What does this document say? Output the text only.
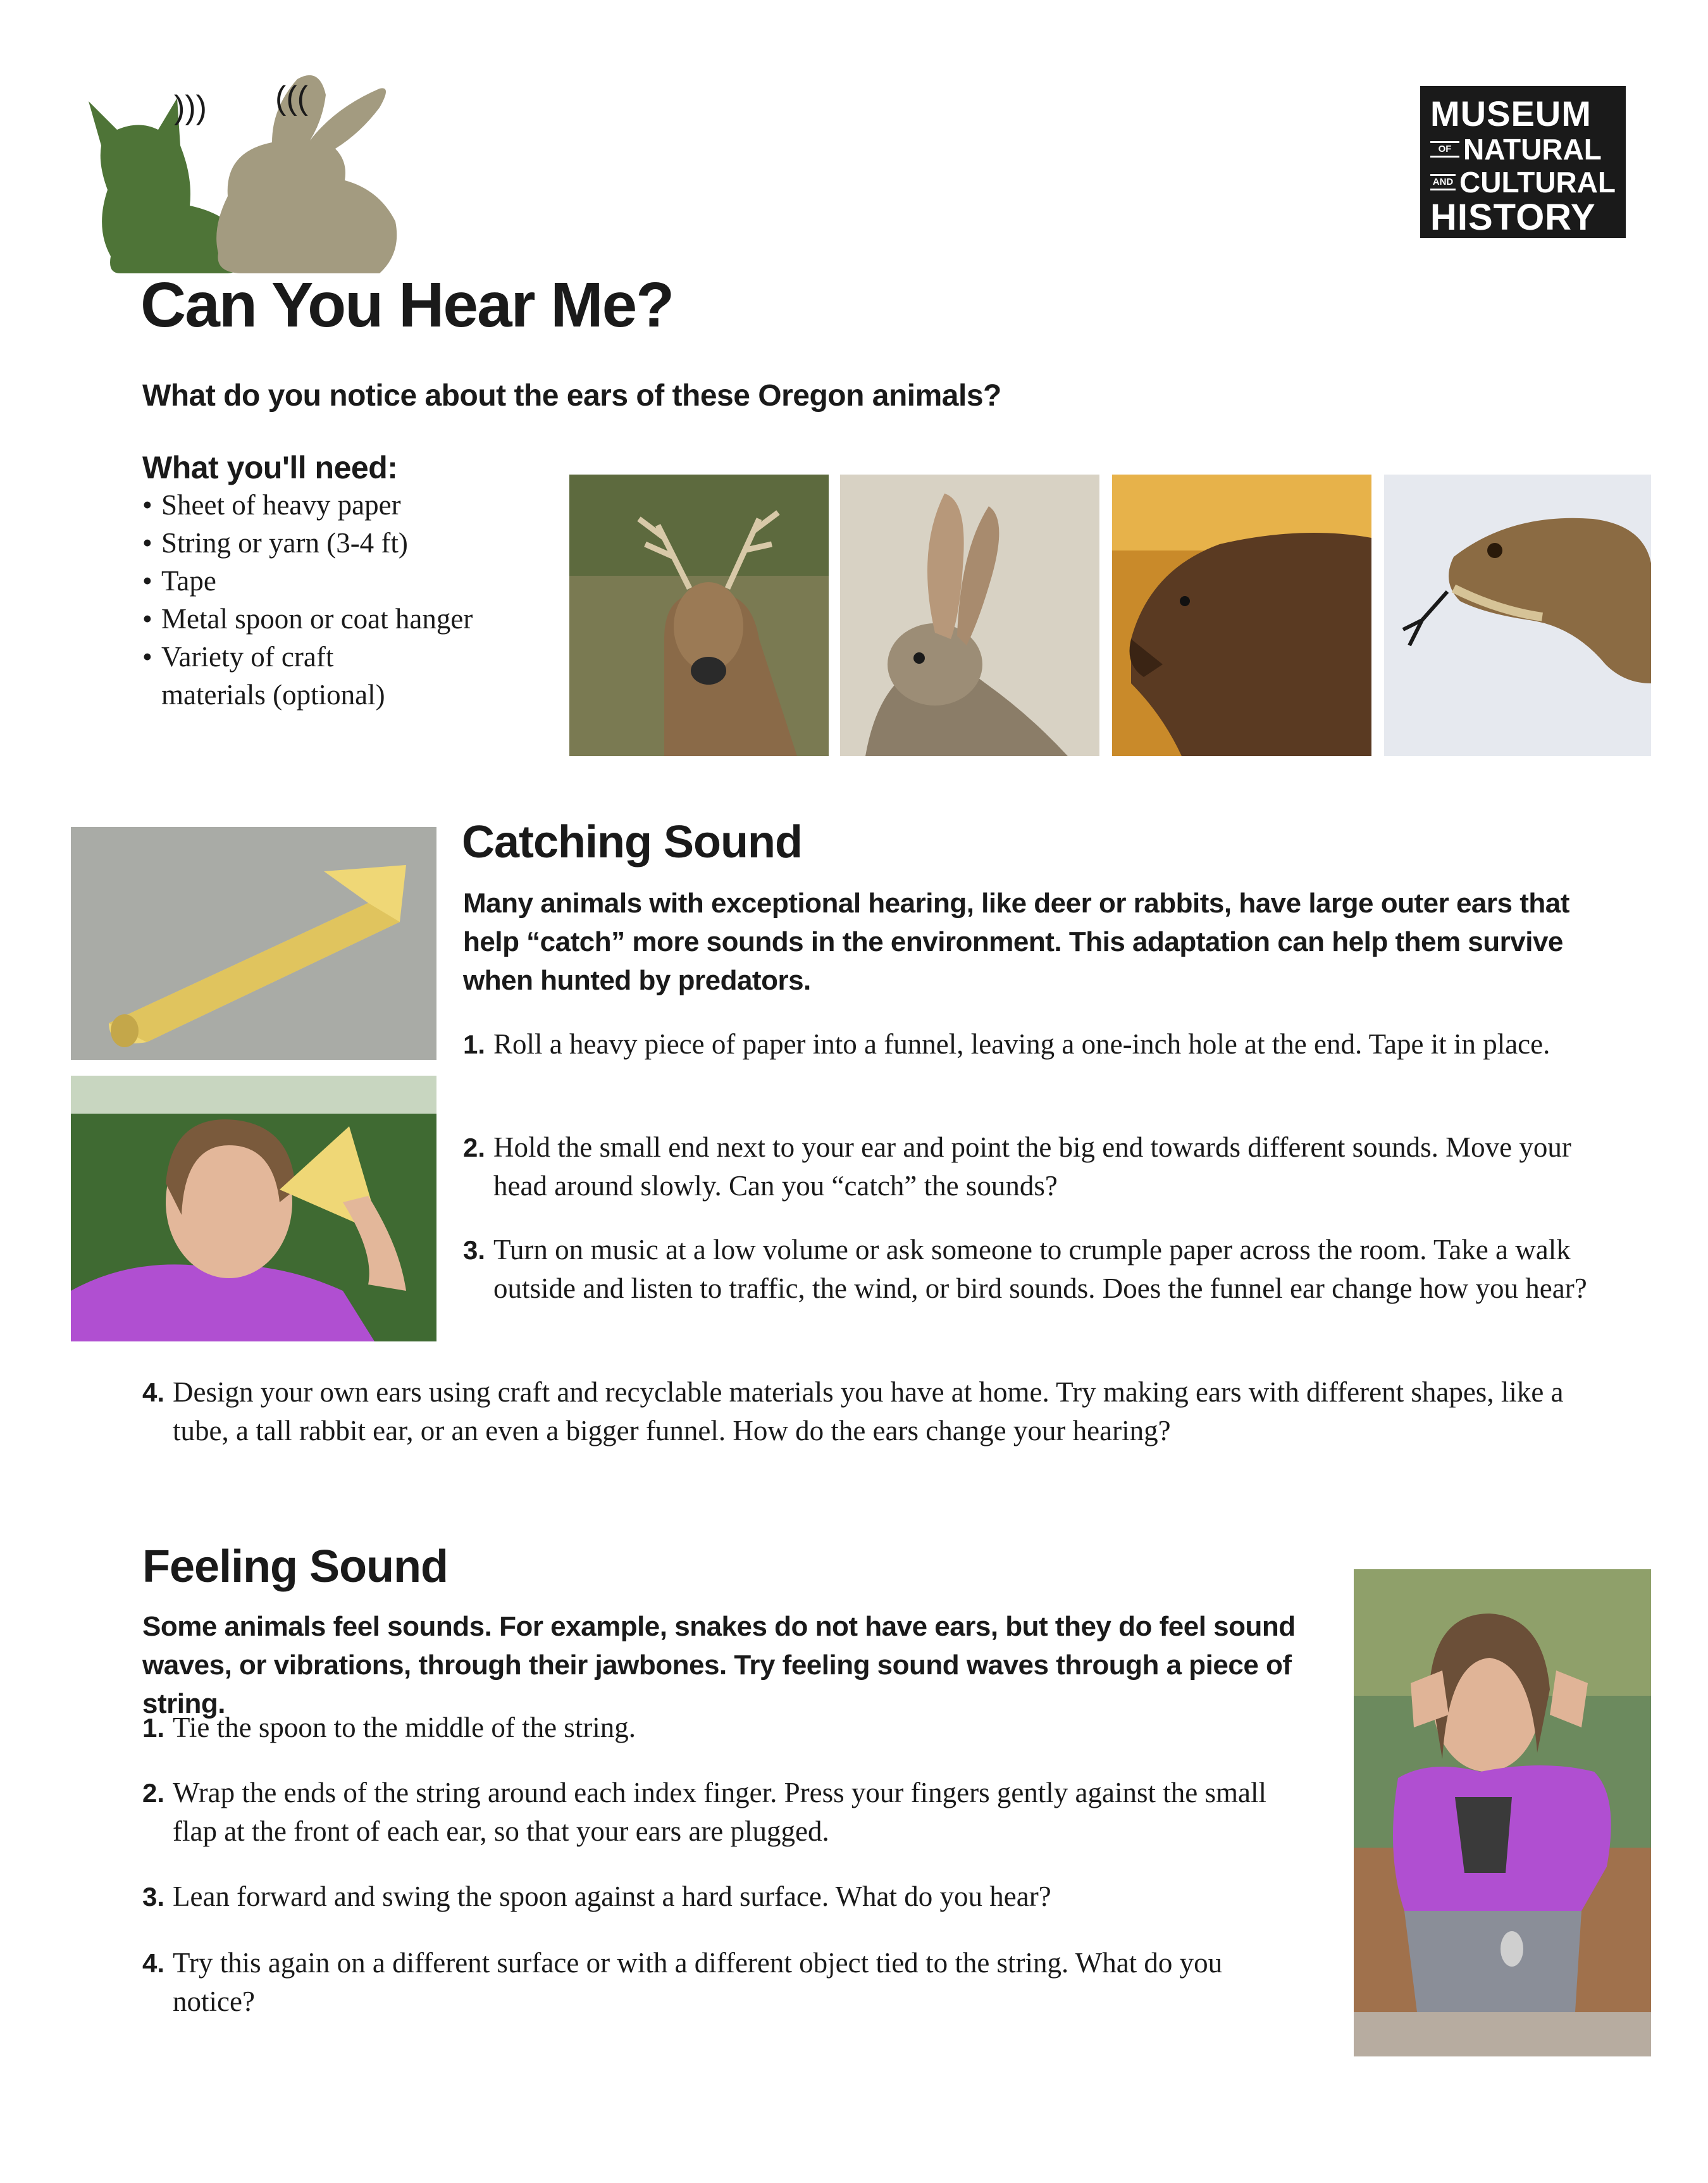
))) (((	MUSEUM
OF NATURAL
AND CULTURAL
HISTORY
Can You Hear Me?
What do you notice about the ears of these Oregon animals?
What you'll need:
• Sheet of heavy paper
• String or yarn (3-4 ft)
• Tape
• Metal spoon or coat hanger
• Variety of craft materials (optional)
Catching Sound
Many animals with exceptional hearing, like deer or rabbits, have large outer ears that help “catch” more sounds in the environment. This adaptation can help them survive when hunted by predators.
1. Roll a heavy piece of paper into a funnel, leaving a one-inch hole at the end. Tape it in place.
2. Hold the small end next to your ear and point the big end towards different sounds. Move your head around slowly. Can you “catch” the sounds?
3. Turn on music at a low volume or ask someone to crumple paper across the room. Take a walk outside and listen to traffic, the wind, or bird sounds. Does the funnel ear change how you hear?
4. Design your own ears using craft and recyclable materials you have at home. Try making ears with different shapes, like a tube, a tall rabbit ear, or an even a bigger funnel. How do the ears change your hearing?
Feeling Sound
Some animals feel sounds. For example, snakes do not have ears, but they do feel sound waves, or vibrations, through their jawbones. Try feeling sound waves through a piece of string.
1. Tie the spoon to the middle of the string.
2. Wrap the ends of the string around each index finger. Press your fingers gently against the small flap at the front of each ear, so that your ears are plugged.
3. Lean forward and swing the spoon against a hard surface. What do you hear?
4. Try this again on a different surface or with a different object tied to the string. What do you notice?
